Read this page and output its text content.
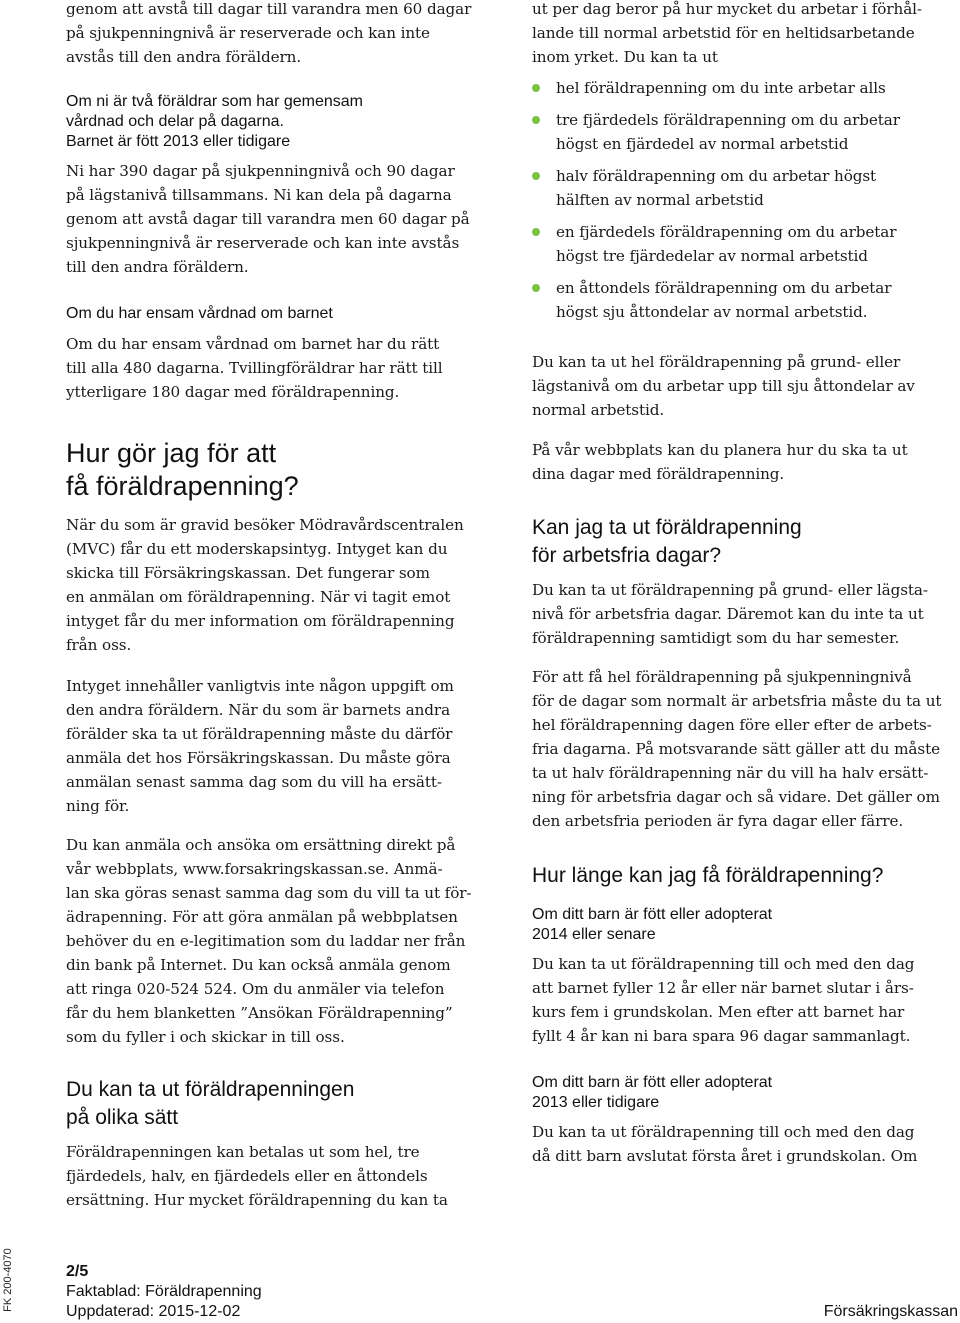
genom att avstå till dagar till varandra men 60 dagar
på sjukpenningnivå är reserverade och kan inte
avstås till den andra föräldern.

Om ni är två föräldrar som har gemensam
vårdnad och delar på dagarna.
Barnet är fött 2013 eller tidigare

Ni har 390 dagar på sjukpenningnivå och 90 dagar
på lägstanivå tillsammans. Ni kan dela på dagarna
genom att avstå dagar till varandra men 60 dagar på
sjukpenningnivå är reserverade och kan inte avstås
till den andra föräldern.

Om du har ensam vårdnad om barnet

Om du har ensam vårdnad om barnet har du rätt
till alla 480 dagarna. Tvillingföräldrar har rätt till
ytterligare 180 dagar med föräldrapenning.

Hur gör jag för att
få föräldrapenning?

När du som är gravid besöker Mödravårdscentralen
(MVC) får du ett moderskapsintyg. Intyget kan du
skicka till Försäkringskassan. Det fungerar som
en anmälan om föräldrapenning. När vi tagit emot
intyget får du mer information om föräldrapenning
från oss.

Intyget innehåller vanligtvis inte någon uppgift om
den andra föräldern. När du som är barnets andra
förälder ska ta ut föräldrapenning måste du därför
anmäla det hos Försäkringskassan. Du måste göra
anmälan senast samma dag som du vill ha ersätt-
ning för.

Du kan anmäla och ansöka om ersättning direkt på
vår webbplats, www.forsakringskassan.se. Anmä-
lan ska göras senast samma dag som du vill ta ut för-
ädrapenning. För att göra anmälan på webbplatsen
behöver du en e-legitimation som du laddar ner från
din bank på Internet. Du kan också anmäla genom
att ringa 020-524 524. Om du anmäler via telefon
får du hem blanketten ”Ansökan Föräldrapenning”
som du fyller i och skickar in till oss.

Du kan ta ut föräldrapenningen
på olika sätt

Föräldrapenningen kan betalas ut som hel, tre
fjärdedels, halv, en fjärdedels eller en åttondels
ersättning. Hur mycket föräldrapenning du kan ta

ut per dag beror på hur mycket du arbetar i förhål-
lande till normal arbetstid för en heltidsarbetande
inom yrket. Du kan ta ut

hel föräldrapenning om du inte arbetar alls
tre fjärdedels föräldrapenning om du arbetar
högst en fjärdedel av normal arbetstid
halv föräldrapenning om du arbetar högst
hälften av normal arbetstid
en fjärdedels föräldrapenning om du arbetar
högst tre fjärdedelar av normal arbetstid
en åttondels föräldrapenning om du arbetar
högst sju åttondelar av normal arbetstid.

Du kan ta ut hel föräldrapenning på grund- eller
lägstanivå om du arbetar upp till sju åttondelar av
normal arbetstid.

På vår webbplats kan du planera hur du ska ta ut
dina dagar med föräldrapenning.

Kan jag ta ut föräldrapenning
för arbetsfria dagar?

Du kan ta ut föräldrapenning på grund- eller lägsta-
nivå för arbetsfria dagar. Däremot kan du inte ta ut
föräldrapenning samtidigt som du har semester.

För att få hel föräldrapenning på sjukpenningnivå
för de dagar som normalt är arbetsfria måste du ta ut
hel föräldrapenning dagen före eller efter de arbets-
fria dagarna. På motsvarande sätt gäller att du måste
ta ut halv föräldrapenning när du vill ha halv ersätt-
ning för arbetsfria dagar och så vidare. Det gäller om
den arbetsfria perioden är fyra dagar eller färre.

Hur länge kan jag få föräldrapenning?
Om ditt barn är fött eller adopterat
2014 eller senare

Du kan ta ut föräldrapenning till och med den dag
att barnet fyller 12 år eller när barnet slutar i års-
kurs fem i grundskolan. Men efter att barnet har
fyllt 4 år kan ni bara spara 96 dagar sammanlagt.

Om ditt barn är fött eller adopterat
2013 eller tidigare

Du kan ta ut föräldrapenning till och med den dag
då ditt barn avslutat första året i grundskolan. Om

FK 200-4070	2/5
Faktablad: Föräldrapenning
Uppdaterad: 2015-12-02	Försäkringskassan
